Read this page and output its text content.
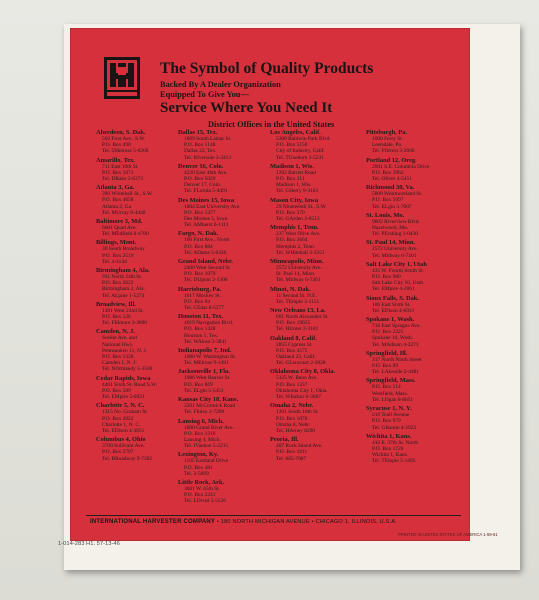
The Symbol of Quality Products
Backed By A Dealer Organization
Equipped To Give You—
Service Where You Need It
District Offices in the United States
Aberdeen, S. Dak.
502 First Ave., S.W.
P.O. Box 490
Tel. 5Melrose 5-6200
Amarillo, Tex.
711 East 10th St.
P.O. Box 1071
Tel. DRake 2-6373
Atlanta 3, Ga.
390 Whitehall St., S.W.
P.O. Box 4658
Atlanta 2, Ga.
Tel. MUrray 8-4440
Baltimore 3, Md.
6601 Quad Ave.
Tel. MEdfield 8-4700
Billings, Mont.
30 South Broadway
P.O. Box 2519
Tel. 4-4144
Birmingham 4, Ala.
931 North 24th St.
P.O. Box 2622
Birmingham 2, Ala.
Tel. ALpine 1-5274
Broadview, Ill.
1301 West 22nd St.
P.O. Box 126
Tel. FIllmore 3-3800
Camden, N. J.
Suckle Ave. and
National Hwy.
Pennsauken 11, N. J.
P.O. Box 1328
Camden 1, N. J.
Tel. NOrmandy 5-3500
Cedar Rapids, Iowa
4401 Sixth St. Road S.W.
P.O. Box 589
Tel. EMpire 5-6921
Charlotte 5, N. C.
1315 No. Graham St.
P.O. Box 2022
Charlotte 1, N. C.
Tel. EDison 4-3851
Columbus 4, Ohio
3700 Sullivant Ave.
P.O. Box 2797
Tel. BRoadway 9-7392
Dallas 15, Tex.
1809 South Lamar St.
P.O. Box 5148
Dallas 22, Tex.
Tel. RIverside 3-3413
Denver 16, Colo.
4230 East 46th Ave.
P.O. Box 5029
Denver 17, Colo.
Tel. FLorida 5-4491
Des Moines 15, Iowa
1804 East University Ave.
P.O. Box 1477
Des Moines 5, Iowa
Tel. AMherst 6-1111
Fargo, N. Dak.
100 First Ave., North
P.O. Box 884
Tel. ADams 5-6436
Grand Island, Nebr.
2400 West Second St.
P.O. Box 1079
Tel. DUpont 2-1300
Harrisburg, Pa.
1017 Mockey St.
P.O. Box 94
Tel. CEdar 8-5277
Houston 11, Tex.
4619 Navigation Blvd.
P.O. Box 1428
Houston 1, Tex.
Tel. WAlnut 3-3841
Indianapolis 7, Ind.
1080 W. Washington St.
Tel. MElrose 9-1491
Jacksonville 1, Fla.
1986 West Beaver St.
P.O. Box 869
Tel. ELgin 5-5451
Kansas City 18, Kans.
3201 McCormick Road
Tel. FInley 2-7200
Lansing 6, Mich.
1800 Grand River Ave.
P.O. Box 1316
Lansing 4, Mich.
Tel. IVanhoe 5-2215
Lexington, Ky.
1105 Eastland Drive
P.O. Box 481
Tel. 2-5069
Little Rock, Ark.
3601 W. 65th St.
P.O. Box 2241
Tel. LOcust 5-5526
Los Angeles, Calif.
5300 Baldwin Park Blvd.
P.O. Box 5150
City of Industry, Calif.
Tel. TUxedom 3-5231
Madison 1, Wis.
1202 Barrett Road
P.O. Box 311
Madison 1, Wis.
Tel. CHerry 9-3181
Mason City, Iowa
29 Nineteenth St., S.W.
P.O. Box 370
Tel. GArden 3-0513
Memphis 1, Tenn.
237 West Olive Ave.
P.O. Box 3664
Memphis 2, Tenn.
Tel. WHitehall 3-3351
Minneapolis, Minn.
2572 University Ave.
St. Paul 14, Minn.
Tel. MIdway 6-7301
Minot, N. Dak.
11 Second St. N.E.
Tel. TEmple 3-1151
New Orleans 13, La.
601 North Alexander St.
P.O. Box 19025
Tel. HUnter 2-3181
Oakland 8, Calif.
2855 Cypress St.
P.O. Box 4575
Oakland 23, Calif.
Tel. GLencourt 2-2828
Oklahoma City 8, Okla.
5125 W. Reno Ave.
P.O. Box 1337
Oklahoma City 1, Okla.
Tel. WIndsor 6-3687
Omaha 2, Nebr.
1301 South 16th St.
P.O. Box 1076
Omaha 8, Nebr.
Tel. HArney 8200
Peoria, Ill.
407 Rock Island Ave.
P.O. Box 1811
Tel. 685-7687
Pittsburgh, Pa.
1000 Ferry St.
Leetsdale, Pa.
Tel. FOrrest 3-2006
Portland 12, Oreg.
2001 S.E. Columbia Drive
P.O. Box 3962
Tel. Oliver 4-5451
Richmond 30, Va.
5800 Westmoreland St.
P.O. Box 5097
Tel. ELgin 5-7007
St. Louis, Mo.
9802 Riverview Blvd.
Hazelwood, Mo.
Tel. PErshing 1-0430
St. Paul 14, Minn.
2572 University Ave.
Tel. MIdway 6-7301
Salt Lake City 1, Utah
435 W. Fourth South St.
P.O. Box 980
Salt Lake City 10, Utah
Tel. EMpire 4-2861
Sioux Falls, S. Dak.
106 East Sixth St.
Tel. EDison 4-6931
Spokane 1, Wash.
718 East Sprague Ave.
P.O. Box 2225
Spokane 10, Wash.
Tel. MAdison 4-3271
Springfield, Ill.
317 North Ninth Street
P.O. Box 99
Tel. LAkeside 2-4481
Springfield, Mass.
P.O. Box 514
Westfield, Mass.
Tel. LOgan 8-8651
Syracuse 1, N. Y.
210 Teall Avenue
P.O. Box 979
Tel. GRanite 4-2923
Wichita 1, Kans.
410 E. 37th St. North
P.O. Box 1720
Wichita 1, Kans.
Tel. TEmple 5-1495

INTERNATIONAL HARVESTER COMPANY • 180 NORTH MICHIGAN AVENUE • CHICAGO 1, ILLINOIS, U.S.A.

PRINTED IN UNITED STATES OF AMERICA 1-59-61

1-014-283 H1. 57-13-46
